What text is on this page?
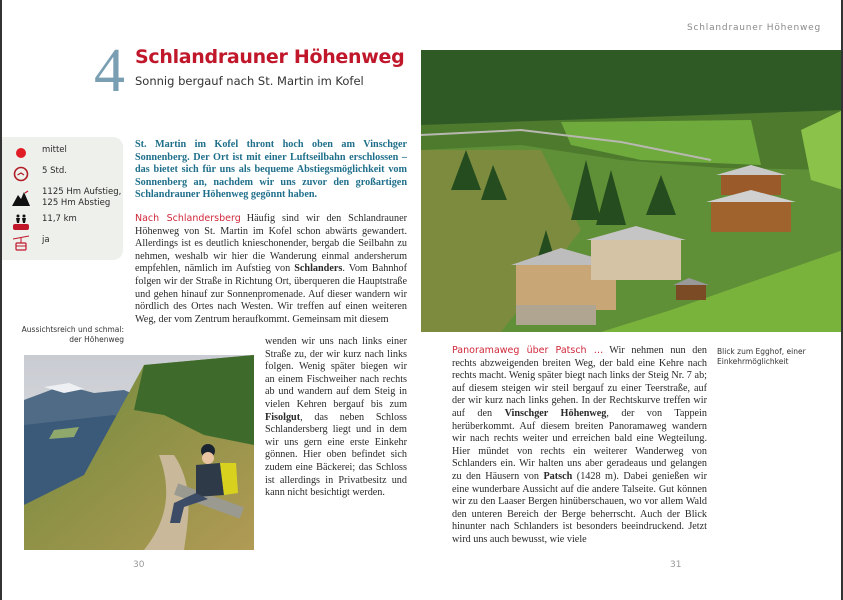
4 Schlandrauner Höhenweg
Sonnig bergauf nach St. Martin im Kofel
mittel
5 Std.
1125 Hm Aufstieg,
125 Hm Abstieg
11,7 km
ja

St. Martin im Kofel thront hoch oben am Vinschger Sonnenberg. Der Ort ist mit einer Luftseilbahn erschlossen – das bietet sich für uns als bequeme Abstiegsmöglichkeit vom Sonnenberg an, nachdem wir uns zuvor den großartigen Schlandrauner Höhenweg gegönnt haben.

Nach Schlandersberg Häufig sind wir den Schlandrauner Höhenweg von St. Martin im Kofel schon abwärts gewandert. Allerdings ist es deutlich knieschonender, bergab die Seilbahn zu nehmen, weshalb wir hier die Wanderung einmal andersherum empfehlen, nämlich im Aufstieg von Schlanders. Vom Bahnhof folgen wir der Straße in Richtung Ort, überqueren die Hauptstraße und gehen hinauf zur Sonnenpromenade. Auf dieser wandern wir nördlich des Ortes nach Westen. Wir treffen auf einen weiteren Weg, der vom Zentrum heraufkommt. Gemeinsam mit diesem

Aussichtsreich und schmal: der Höhenweg	wenden wir uns nach links einer Straße zu, der wir kurz nach links folgen. Wenig später biegen wir an einem Fischweiher nach rechts ab und wandern auf dem Steig in vielen Kehren bergauf bis zum Fisolgut, das neben Schloss Schlandersberg liegt und in dem wir uns gern eine erste Einkehr gönnen. Hier oben befindet sich zudem eine Bäckerei; das Schloss ist allerdings in Privatbesitz und kann nicht besichtigt werden.

30
Schlandrauner Höhenweg
Blick zum Egghof, einer Einkehrmöglichkeit

Panoramaweg über Patsch … Wir nehmen nun den rechts abzweigenden breiten Weg, der bald eine Kehre nach rechts macht. Wenig später biegt nach links der Steig Nr. 7 ab; auf diesem steigen wir steil bergauf zu einer Teerstraße, auf der wir kurz nach links gehen. In der Rechtskurve treffen wir auf den Vinschger Höhenweg, der von Tappein herüberkommt. Auf diesem breiten Panoramaweg wandern wir nach rechts weiter und erreichen bald eine Wegteilung. Hier mündet von rechts ein weiterer Wanderweg von Schlanders ein. Wir halten uns aber geradeaus und gelangen zu den Häusern von Patsch (1428 m). Dabei genießen wir eine wunderbare Aussicht auf die andere Talseite. Gut können wir zu den Laaser Bergen hinüberschauen, wo vor allem Wald den unteren Bereich der Berge beherrscht. Auch der Blick hinunter nach Schlanders ist besonders beeindruckend. Jetzt wird uns auch bewusst, wie viele

31
